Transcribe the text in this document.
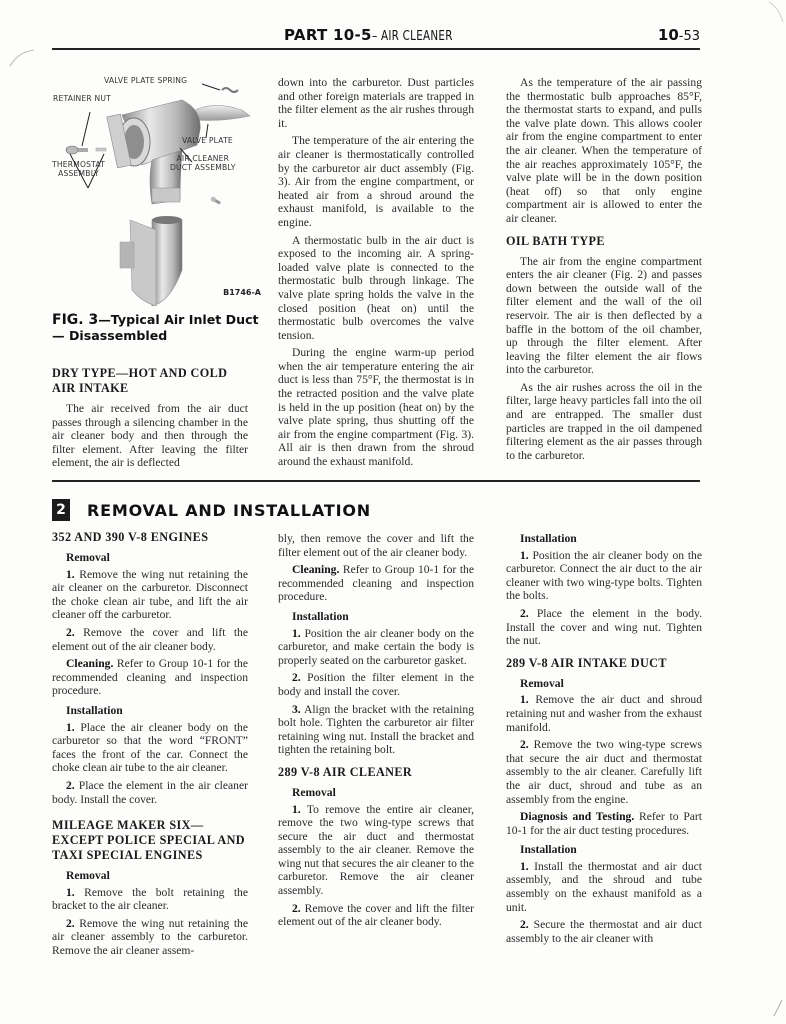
PART 10-5– AIR CLEANER	10-53
VALVE PLATE SPRING
RETAINER NUT
VALVE PLATE
AIR CLEANER
DUCT ASSEMBLY
THERMOSTAT
ASSEMBLY
B1746-A
FIG. 3—Typical Air Inlet Duct— Disassembled
DRY TYPE—HOT AND COLD AIR INTAKE

The air received from the air duct passes through a silencing chamber in the air cleaner body and then through the filter element. After leaving the filter element, the air is deflected

down into the carburetor. Dust particles and other foreign materials are trapped in the filter element as the air rushes through it.

The temperature of the air entering the air cleaner is thermostatically controlled by the carburetor air duct assembly (Fig. 3). Air from the engine compartment, or heated air from a shroud around the exhaust manifold, is available to the engine.

A thermostatic bulb in the air duct is exposed to the incoming air. A spring-loaded valve plate is connected to the thermostatic bulb through linkage. The valve plate spring holds the valve in the closed position (heat on) until the thermostatic bulb overcomes the valve tension.

During the engine warm-up period when the air temperature entering the air duct is less than 75°F, the thermostat is in the retracted position and the valve plate is held in the up position (heat on) by the valve plate spring, thus shutting off the air from the engine compartment (Fig. 3). All air is then drawn from the shroud around the exhaust manifold.

As the temperature of the air passing the thermostatic bulb approaches 85°F, the thermostat starts to expand, and pulls the valve plate down. This allows cooler air from the engine compartment to enter the air cleaner. When the temperature of the air reaches approximately 105°F, the valve plate will be in the down position (heat off) so that only engine compartment air is allowed to enter the air cleaner.

OIL BATH TYPE

The air from the engine compartment enters the air cleaner (Fig. 2) and passes down between the outside wall of the filter element and the wall of the oil reservoir. The air is then deflected by a baffle in the bottom of the oil chamber, up through the filter element. After leaving the filter element the air flows into the carburetor.

As the air rushes across the oil in the filter, large heavy particles fall into the oil and are entrapped. The smaller dust particles are trapped in the oil dampened filtering element as the air passes through to the carburetor.

2 REMOVAL AND INSTALLATION
352 AND 390 V-8 ENGINES
Removal

1. Remove the wing nut retaining the air cleaner on the carburetor. Disconnect the choke clean air tube, and lift the air cleaner off the carburetor.

2. Remove the cover and lift the element out of the air cleaner body.

Cleaning. Refer to Group 10-1 for the recommended cleaning and inspection procedure.

Installation

1. Place the air cleaner body on the carburetor so that the word “FRONT” faces the front of the car. Connect the choke clean air tube to the air cleaner.

2. Place the element in the air cleaner body. Install the cover.

MILEAGE MAKER SIX— EXCEPT POLICE SPECIAL AND TAXI SPECIAL ENGINES
Removal

1. Remove the bolt retaining the bracket to the air cleaner.

2. Remove the wing nut retaining the air cleaner assembly to the carburetor. Remove the air cleaner assem-

bly, then remove the cover and lift the filter element out of the air cleaner body.

Cleaning. Refer to Group 10-1 for the recommended cleaning and inspection procedure.

Installation

1. Position the air cleaner body on the carburetor, and make certain the body is properly seated on the carburetor gasket.

2. Position the filter element in the body and install the cover.

3. Align the bracket with the retaining bolt hole. Tighten the carburetor air filter retaining wing nut. Install the bracket and tighten the retaining bolt.

289 V-8 AIR CLEANER
Removal

1. To remove the entire air cleaner, remove the two wing-type screws that secure the air duct and thermostat assembly to the air cleaner. Remove the wing nut that secures the air cleaner to the carburetor. Remove the air cleaner assembly.

2. Remove the cover and lift the filter element out of the air cleaner body.

Installation

1. Position the air cleaner body on the carburetor. Connect the air duct to the air cleaner with two wing-type bolts. Tighten the bolts.

2. Place the element in the body. Install the cover and wing nut. Tighten the nut.

289 V-8 AIR INTAKE DUCT
Removal

1. Remove the air duct and shroud retaining nut and washer from the exhaust manifold.

2. Remove the two wing-type screws that secure the air duct and thermostat assembly to the air cleaner. Carefully lift the air duct, shroud and tube as an assembly from the engine.

Diagnosis and Testing. Refer to Part 10-1 for the air duct testing procedures.

Installation

1. Install the thermostat and air duct assembly, and the shroud and tube assembly on the exhaust manifold as a unit.

2. Secure the thermostat and air duct assembly to the air cleaner with
